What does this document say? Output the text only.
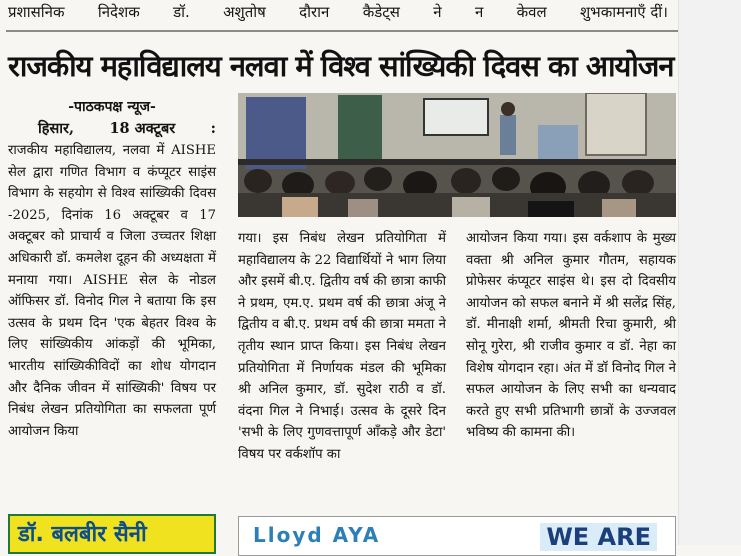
प्रशासनिक निदेशक डॉ. अशुतोष दौरान कैडेट्स ने न केवल शुभकामनाएँ दीं।
राजकीय महाविद्यालय नलवा में विश्व सांख्यिकी दिवस का आयोजन
-पाठकपक्ष न्यूज-
हिसार, 18 अक्टूबर :

राजकीय महाविद्यालय, नलवा में AISHE सेल द्वारा गणित विभाग व कंप्यूटर साइंस विभाग के सहयोग से विश्व सांख्यिकी दिवस -2025, दिनांक 16 अक्टूबर व 17 अक्टूबर को प्राचार्य व जिला उच्चतर शिक्षा अधिकारी डॉ. कमलेश दूहन की अध्यक्षता में मनाया गया। AISHE सेल के नोडल ऑफिसर डॉ. विनोद गिल ने बताया कि इस उत्सव के प्रथम दिन 'एक बेहतर विश्व के लिए सांख्यिकीय आंकड़ों की भूमिका, भारतीय सांख्यिकीविदों का शोध योगदान और दैनिक जीवन में सांख्यिकी' विषय पर निबंध लेखन प्रतियोगिता का सफलता पूर्ण आयोजन किया

गया। इस निबंध लेखन प्रतियोगिता में महाविद्यालय के 22 विद्यार्थियों ने भाग लिया और इसमें बी.ए. द्वितीय वर्ष की छात्रा काफी ने प्रथम, एम.ए. प्रथम वर्ष की छात्रा अंजू ने द्वितीय व बी.ए. प्रथम वर्ष की छात्रा ममता ने तृतीय स्थान प्राप्त किया। इस निबंध लेखन प्रतियोगिता में निर्णायक मंडल की भूमिका श्री अनिल कुमार, डॉ. सुदेश राठी व डॉ. वंदना गिल ने निभाई। उत्सव के दूसरे दिन 'सभी के लिए गुणवत्तापूर्ण आँकड़े और डेटा' विषय पर वर्कशॉप का

आयोजन किया गया। इस वर्कशाप के मुख्य वक्ता श्री अनिल कुमार गौतम, सहायक प्रोफेसर कंप्यूटर साइंस थे। इस दो दिवसीय आयोजन को सफल बनाने में श्री सलेंद्र सिंह, डॉ. मीनाक्षी शर्मा, श्रीमती रिचा कुमारी, श्री सोनू गुरेरा, श्री राजीव कुमार व डॉ. नेहा का विशेष योगदान रहा। अंत में डॉ विनोद गिल ने सफल आयोजन के लिए सभी का धन्यवाद करते हुए सभी प्रतिभागी छात्रों के उज्जवल भविष्य की कामना की।

डॉ. बलबीर सैनी	Lloyd AYA	WE ARE
